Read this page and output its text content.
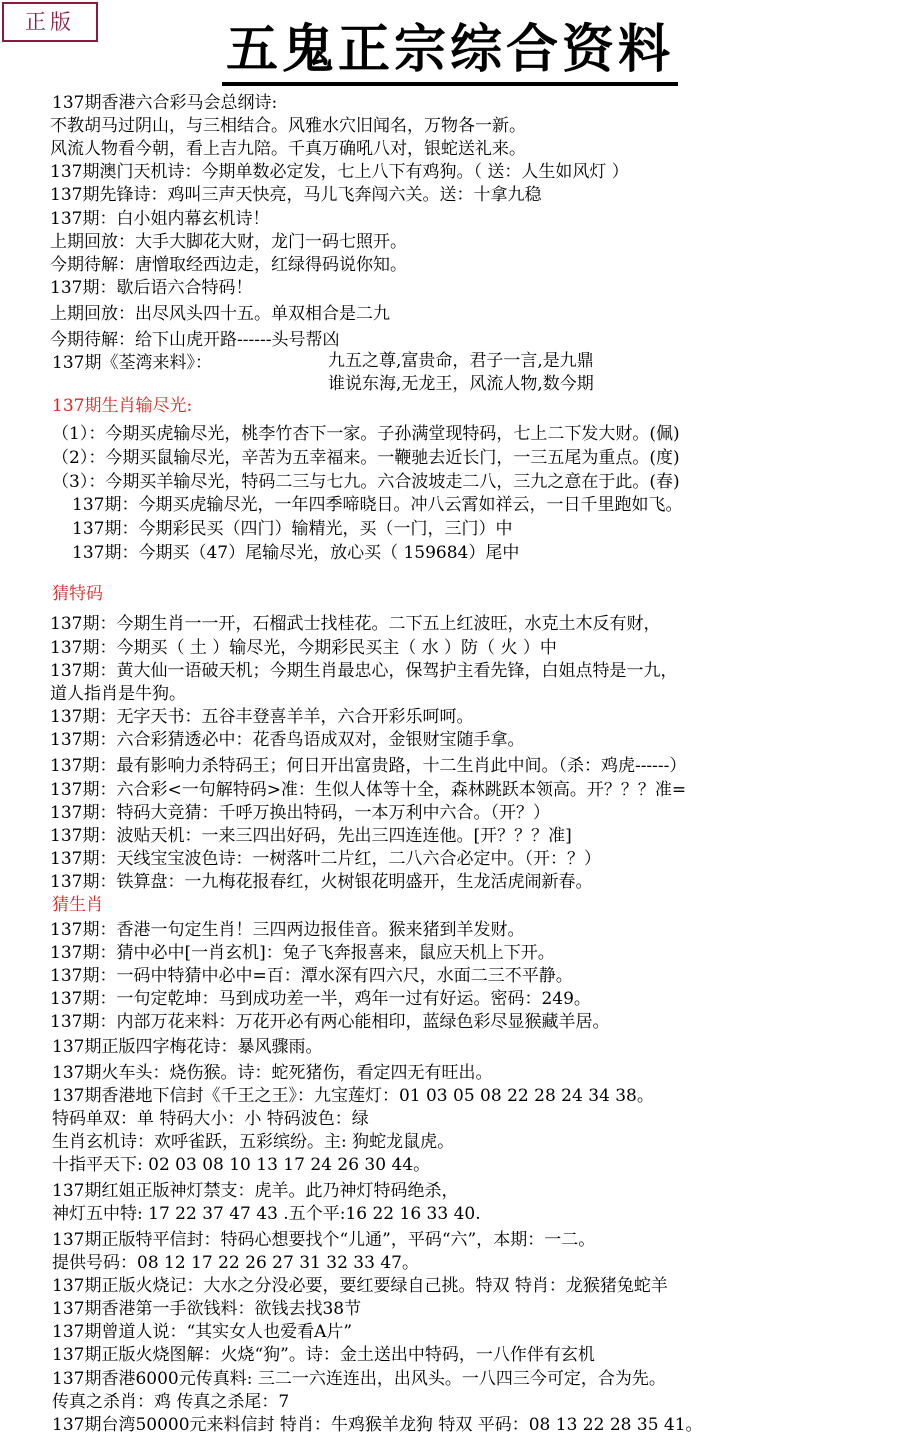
正版	五鬼正宗综合资料
137期香港六合彩马会总纲诗:
不教胡马过阴山，与三相结合。风雅水穴旧闻名，万物各一新。
风流人物看今朝，看上吉九陪。千真万确吼八对，银蛇送礼来。
137期澳门天机诗：今期单数必定发，七上八下有鸡狗。（ 送：人生如风灯 ）
137期先锋诗：鸡叫三声天快亮，马儿飞奔闯六关。送：十拿九稳
137期：白小姐内幕玄机诗！
上期回放：大手大脚花大财，龙门一码七照开。
今期待解：唐憎取经西边走，红绿得码说你知。
137期：歇后语六合特码！
上期回放：出尽风头四十五。单双相合是二九
今期待解：给下山虎开路------头号帮凶
137期《荃湾来料》：	九五之尊,富贵命，君子一言,是九鼎
谁说东海,无龙王，风流人物,数今期
137期生肖输尽光:
（1）：今期买虎输尽光，桃李竹杏下一家。子孙满堂现特码，七上二下发大财。(佩)
（2）：今期买鼠输尽光，辛苦为五幸福来。一鞭驰去近长门，一三五尾为重点。(度)
（3）：今期买羊输尽光，特码二三与七九。六合波坡走二八，三九之意在于此。(春)
137期：今期买虎输尽光，一年四季啼晓日。冲八云霄如祥云，一日千里跑如飞。
137期：今期彩民买（四门）输精光，买（一门，三门）中
137期：今期买（47）尾输尽光，放心买（ 159684）尾中
猜特码
137期：今期生肖一一开，石榴武士找桂花。二下五上红波旺，水克土木反有财，
137期：今期买（ 土 ）输尽光，今期彩民买主（ 水 ）防（ 火 ）中
137期：黄大仙一语破天机；今期生肖最忠心，保驾护主看先锋，白姐点特是一九，
道人指肖是牛狗。
137期：无字天书：五谷丰登喜羊羊，六合开彩乐呵呵。
137期：六合彩猜透必中：花香鸟语成双对，金银财宝随手拿。
137期：最有影响力杀特码王；何日开出富贵路，十二生肖此中间。（杀：鸡虎------）
137期：六合彩<一句解特码>准：生似人体等十全，森林跳跃本领高。开？？？准=
137期：特码大竞猜：千呼万换出特码，一本万利中六合。（开？）
137期：波贴天机：一来三四出好码，先出三四连连他。[开？？？准]
137期：天线宝宝波色诗：一树落叶二片红，二八六合必定中。（开：？）
137期：铁算盘：一九梅花报春红，火树银花明盛开，生龙活虎闹新春。
猜生肖
137期：香港一句定生肖！三四两边报佳音。猴来猪到羊发财。
137期：猜中必中[一肖玄机]：兔子飞奔报喜来，鼠应天机上下开。
137期：一码中特猜中必中=百：潭水深有四六尺，水面二三不平静。
137期：一句定乾坤：马到成功差一半，鸡年一过有好运。密码：249。
137期：内部万花来料：万花开必有两心能相印，蓝绿色彩尽显猴藏羊居。
137期正版四字梅花诗：暴风骤雨。
137期火车头：烧伤猴。诗：蛇死猪伤，看定四无有旺出。
137期香港地下信封《千王之王》：九宝莲灯：01 03 05 08 22 28 24 34 38。
特码单双：单 特码大小：小 特码波色：绿
生肖玄机诗：欢呼雀跃，五彩缤纷。主: 狗蛇龙鼠虎。
十指平天下: 02 03 08 10 13 17 24 26 30 44。
137期红姐正版神灯禁支：虎羊。此乃神灯特码绝杀，
神灯五中特: 17 22 37 47 43 .五个平:16 22 16 33 40.
137期正版特平信封：特码心想要找个“儿通”，平码“六”，本期：一二。
提供号码：08 12 17 22 26 27 31 32 33 47。
137期正版火烧记：大水之分没必要，要红要绿自己挑。特双 特肖：龙猴猪兔蛇羊
137期香港第一手欲钱料：欲钱去找38节
137期曾道人说：“其实女人也爱看A片”
137期正版火烧图解：火烧“狗”。诗：金土送出中特码，一八作伴有玄机
137期香港6000元传真料: 三二一六连连出，出风头。一八四三今可定，合为先。
传真之杀肖：鸡 传真之杀尾：7
137期台湾50000元来料信封 特肖：牛鸡猴羊龙狗 特双 平码：08 13 22 28 35 41。
